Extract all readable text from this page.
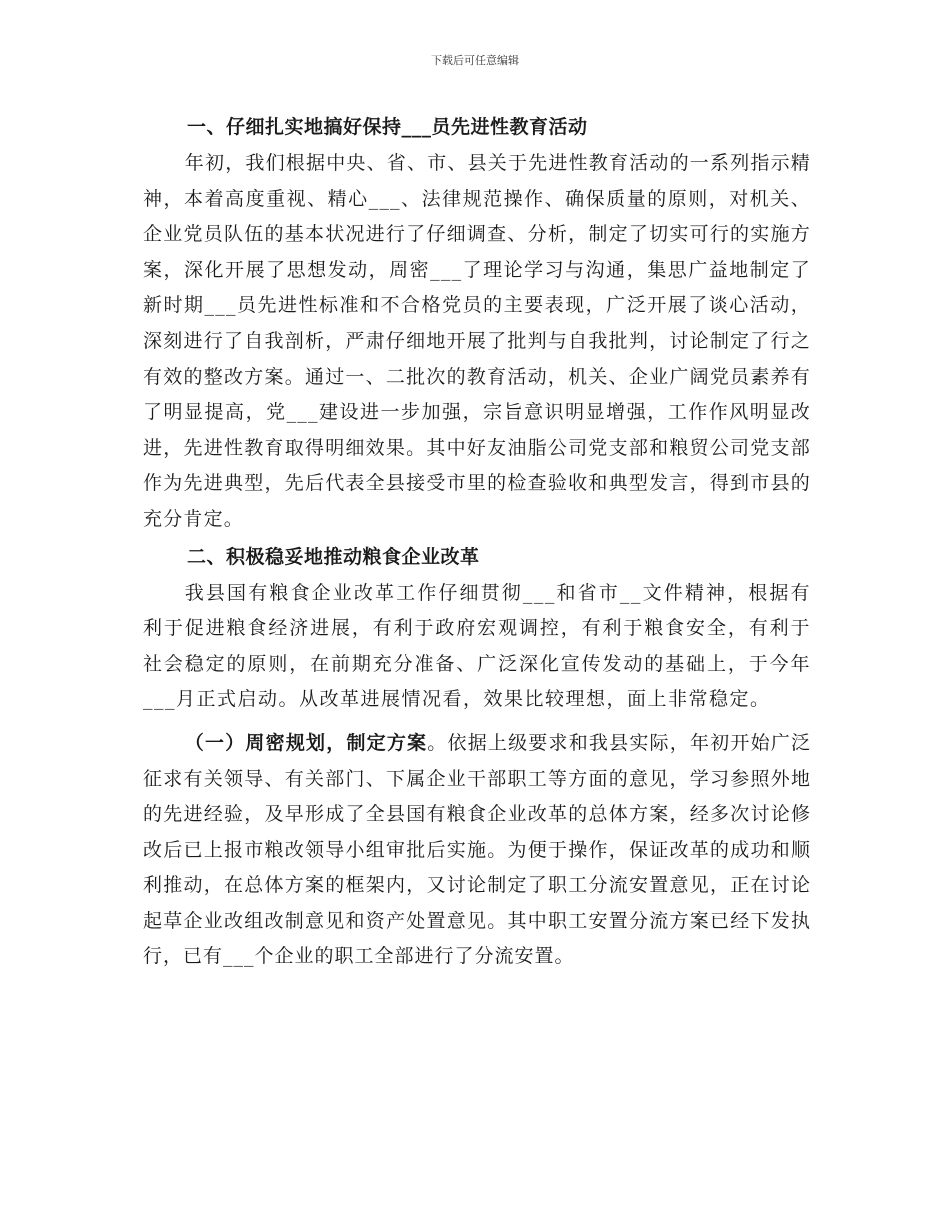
下载后可任意编辑
一、仔细扎实地搞好保持___员先进性教育活动

年初，我们根据中央、省、市、县关于先进性教育活动的一系列指示精神，本着高度重视、精心___、法律规范操作、确保质量的原则，对机关、企业党员队伍的基本状况进行了仔细调查、分析，制定了切实可行的实施方案，深化开展了思想发动，周密___了理论学习与沟通，集思广益地制定了新时期___员先进性标准和不合格党员的主要表现，广泛开展了谈心活动，深刻进行了自我剖析，严肃仔细地开展了批判与自我批判，讨论制定了行之有效的整改方案。通过一、二批次的教育活动，机关、企业广阔党员素养有了明显提高，党___建设进一步加强，宗旨意识明显增强，工作作风明显改进，先进性教育取得明细效果。其中好友油脂公司党支部和粮贸公司党支部作为先进典型，先后代表全县接受市里的检查验收和典型发言，得到市县的充分肯定。

二、积极稳妥地推动粮食企业改革

我县国有粮食企业改革工作仔细贯彻___和省市__文件精神，根据有利于促进粮食经济进展，有利于政府宏观调控，有利于粮食安全，有利于社会稳定的原则，在前期充分准备、广泛深化宣传发动的基础上，于今年___月正式启动。从改革进展情况看，效果比较理想，面上非常稳定。

（一）周密规划，制定方案。依据上级要求和我县实际，年初开始广泛征求有关领导、有关部门、下属企业干部职工等方面的意见，学习参照外地的先进经验，及早形成了全县国有粮食企业改革的总体方案，经多次讨论修改后已上报市粮改领导小组审批后实施。为便于操作，保证改革的成功和顺利推动，在总体方案的框架内，又讨论制定了职工分流安置意见，正在讨论起草企业改组改制意见和资产处置意见。其中职工安置分流方案已经下发执行，已有___个企业的职工全部进行了分流安置。
